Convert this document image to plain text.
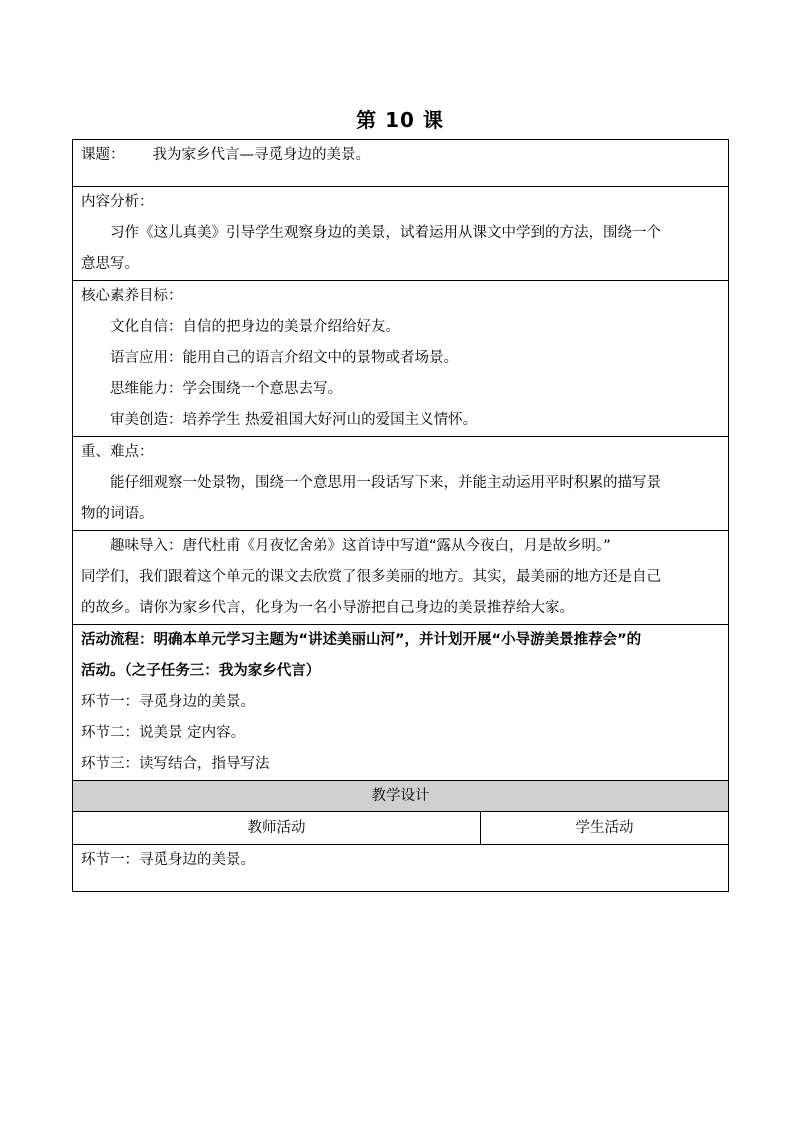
第 10 课
课题： 我为家乡代言—寻觅身边的美景。

内容分析：
习作《这儿真美》引导学生观察身边的美景，试着运用从课文中学到的方法，围绕一个
意思写。

核心素养目标：
文化自信：自信的把身边的美景介绍给好友。
语言应用：能用自己的语言介绍文中的景物或者场景。
思维能力：学会围绕一个意思去写。
审美创造：培养学生 热爱祖国大好河山的爱国主义情怀。

重、难点：
能仔细观察一处景物，围绕一个意思用一段话写下来，并能主动运用平时积累的描写景
物的词语。

趣味导入：唐代杜甫《月夜忆舍弟》这首诗中写道“露从今夜白，月是故乡明。”
同学们，我们跟着这个单元的课文去欣赏了很多美丽的地方。其实，最美丽的地方还是自己
的故乡。请你为家乡代言，化身为一名小导游把自己身边的美景推荐给大家。

活动流程：明确本单元学习主题为“讲述美丽山河”，并计划开展“小导游美景推荐会”的
活动。（之子任务三：我为家乡代言）
环节一：寻觅身边的美景。
环节二：说美景 定内容。
环节三：读写结合，指导写法

教学设计
教师活动	学生活动
环节一：寻觅身边的美景。
